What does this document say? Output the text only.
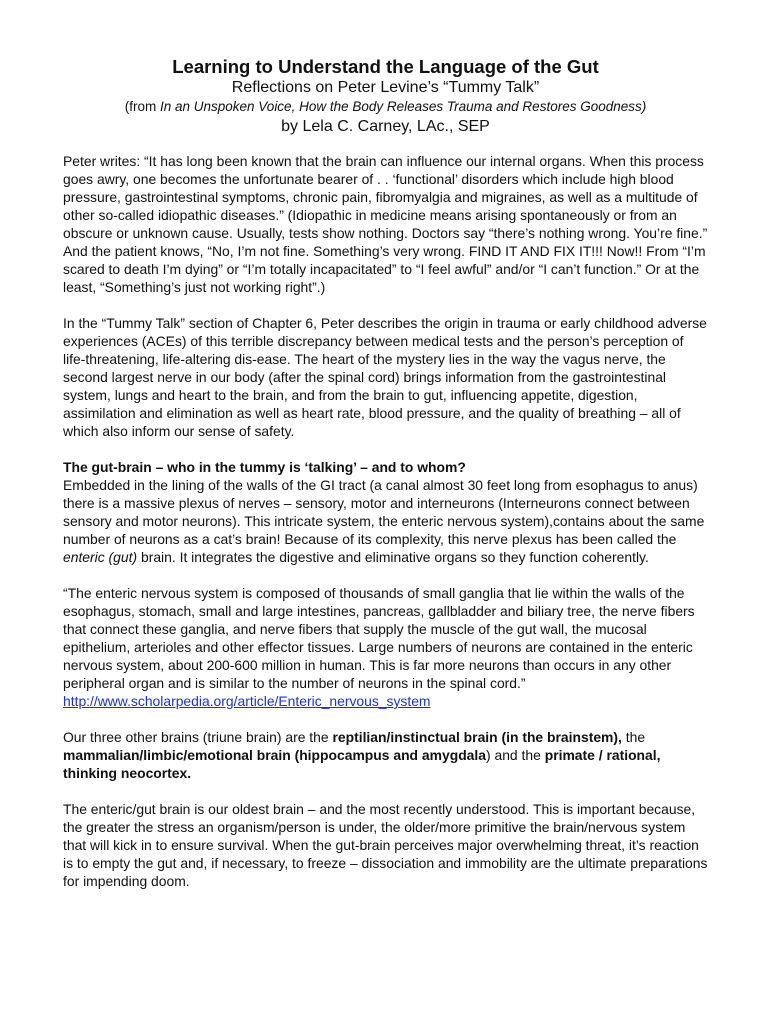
Learning to Understand the Language of the Gut

Reflections on Peter Levine’s “Tummy Talk”

(from In an Unspoken Voice, How the Body Releases Trauma and Restores Goodness)

by Lela C. Carney, LAc., SEP

Peter writes: “It has long been known that the brain can influence our internal organs. When this process goes awry, one becomes the unfortunate bearer of . . ‘functional’ disorders which include high blood pressure, gastrointestinal symptoms, chronic pain, fibromyalgia and migraines, as well as a multitude of other so-called idiopathic diseases.” (Idiopathic in medicine means arising spontaneously or from an obscure or unknown cause. Usually, tests show nothing. Doctors say “there’s nothing wrong. You’re fine.” And the patient knows, “No, I’m not fine. Something’s very wrong. FIND IT AND FIX IT!!! Now!! From “I’m scared to death I’m dying” or “I’m totally incapacitated” to “I feel awful” and/or “I can’t function.” Or at the least, “Something’s just not working right”.)

In the “Tummy Talk” section of Chapter 6, Peter describes the origin in trauma or early childhood adverse experiences (ACEs) of this terrible discrepancy between medical tests and the person’s perception of life-threatening, life-altering dis-ease. The heart of the mystery lies in the way the vagus nerve, the second largest nerve in our body (after the spinal cord) brings information from the gastrointestinal system, lungs and heart to the brain, and from the brain to gut, influencing appetite, digestion, assimilation and elimination as well as heart rate, blood pressure, and the quality of breathing – all of which also inform our sense of safety.

The gut-brain – who in the tummy is ‘talking’ – and to whom?

Embedded in the lining of the walls of the GI tract (a canal almost 30 feet long from esophagus to anus) there is a massive plexus of nerves – sensory, motor and interneurons (Interneurons connect between sensory and motor neurons). This intricate system, the enteric nervous system),contains about the same number of neurons as a cat’s brain! Because of its complexity, this nerve plexus has been called the enteric (gut) brain. It integrates the digestive and eliminative organs so they function coherently.

“The enteric nervous system is composed of thousands of small ganglia that lie within the walls of the esophagus, stomach, small and large intestines, pancreas, gallbladder and biliary tree, the nerve fibers that connect these ganglia, and nerve fibers that supply the muscle of the gut wall, the mucosal epithelium, arterioles and other effector tissues. Large numbers of neurons are contained in the enteric nervous system, about 200-600 million in human. This is far more neurons than occurs in any other peripheral organ and is similar to the number of neurons in the spinal cord.” http://www.scholarpedia.org/article/Enteric_nervous_system

Our three other brains (triune brain) are the reptilian/instinctual brain (in the brainstem), the mammalian/limbic/emotional brain (hippocampus and amygdala) and the primate / rational, thinking neocortex.

The enteric/gut brain is our oldest brain – and the most recently understood. This is important because, the greater the stress an organism/person is under, the older/more primitive the brain/nervous system that will kick in to ensure survival. When the gut-brain perceives major overwhelming threat, it’s reaction is to empty the gut and, if necessary, to freeze – dissociation and immobility are the ultimate preparations for impending doom.
